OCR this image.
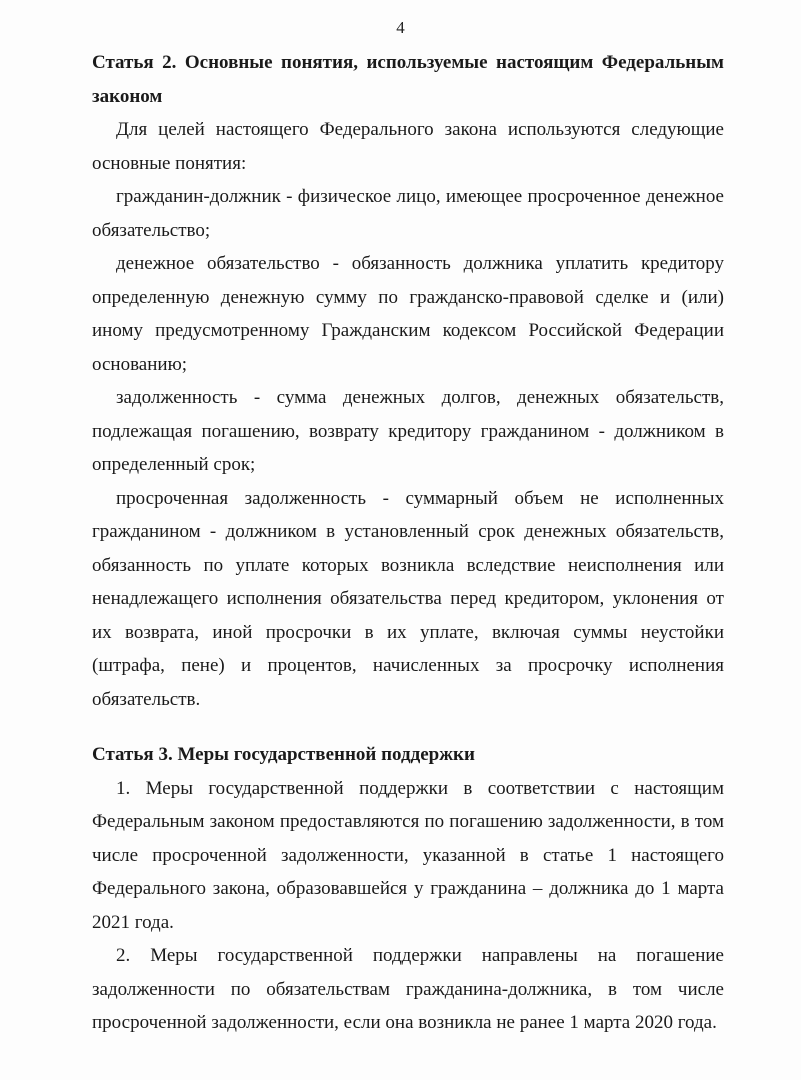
4

Статья 2. Основные понятия, используемые настоящим Федеральным законом

Для целей настоящего Федерального закона используются следующие основные понятия:

гражданин-должник - физическое лицо, имеющее просроченное денежное обязательство;

денежное обязательство - обязанность должника уплатить кредитору определенную денежную сумму по гражданско-правовой сделке и (или) иному предусмотренному Гражданским кодексом Российской Федерации основанию;

задолженность - сумма денежных долгов, денежных обязательств, подлежащая погашению, возврату кредитору гражданином - должником в определенный срок;

просроченная задолженность - суммарный объем не исполненных гражданином - должником в установленный срок денежных обязательств, обязанность по уплате которых возникла вследствие неисполнения или ненадлежащего исполнения обязательства перед кредитором, уклонения от их возврата, иной просрочки в их уплате, включая суммы неустойки (штрафа, пене) и процентов, начисленных за просрочку исполнения обязательств.

Статья 3. Меры государственной поддержки

1. Меры государственной поддержки в соответствии с настоящим Федеральным законом предоставляются по погашению задолженности, в том числе просроченной задолженности, указанной в статье 1 настоящего Федерального закона, образовавшейся у гражданина – должника до 1 марта 2021 года.

2. Меры государственной поддержки направлены на погашение задолженности по обязательствам гражданина-должника, в том числе просроченной задолженности, если она возникла не ранее 1 марта 2020 года.
